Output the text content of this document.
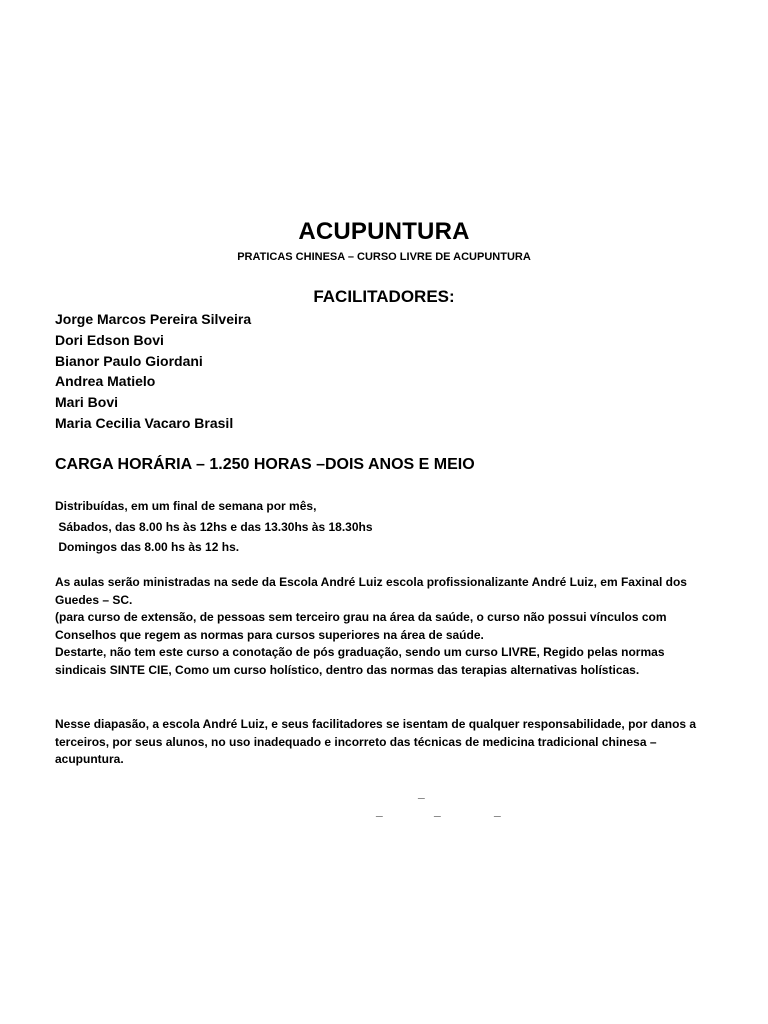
ACUPUNTURA
PRATICAS CHINESA – CURSO LIVRE DE ACUPUNTURA
FACILITADORES:
Jorge Marcos Pereira Silveira
Dori Edson Bovi
Bianor Paulo Giordani
Andrea Matielo
Mari Bovi
Maria Cecilia Vacaro Brasil
CARGA HORÁRIA – 1.250 HORAS –DOIS ANOS E MEIO
Distribuídas, em um final de semana por mês,
Sábados, das 8.00 hs às 12hs e das 13.30hs às 18.30hs
Domingos das 8.00 hs às 12 hs.

As aulas serão ministradas na sede da Escola André Luiz escola profissionalizante André Luiz, em Faxinal dos Guedes – SC.
(para curso de extensão, de pessoas sem terceiro grau na área da saúde, o curso não possui vínculos com Conselhos que regem as normas para cursos superiores na área de saúde.
Destarte, não tem este curso a conotação de pós graduação, sendo um curso LIVRE, Regido pelas normas sindicais SINTE CIE, Como um curso holístico, dentro das normas das terapias alternativas holísticas.

Nesse diapasão, a escola André Luiz, e seus facilitadores se isentam de qualquer responsabilidade, por danos a terceiros, por seus alunos, no uso inadequado e incorreto das técnicas de medicina tradicional chinesa – acupuntura.

_
_	_	_
